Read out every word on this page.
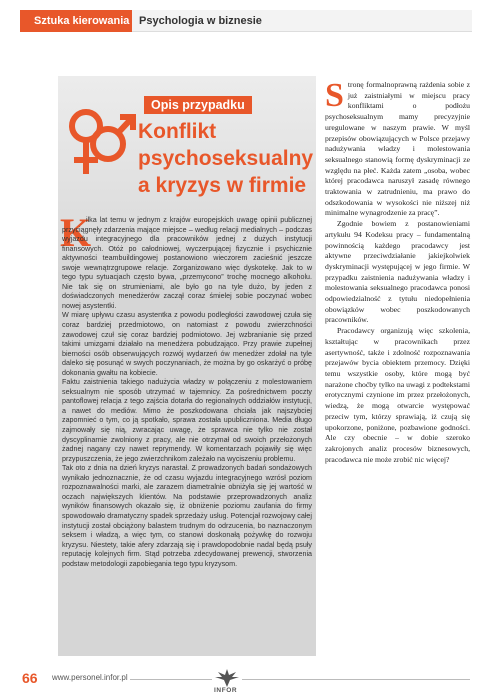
Sztuka kierowania Psychologia w biznesie
Opis przypadku
Konflikt
psychoseksualny
a kryzys w firmie
K

ilka lat temu w jednym z krajów europejskich uwagę opinii publicznej przyciągnęły zdarzenia mające miejsce – według relacji medialnych – podczas wyjazdu integracyjnego dla pracowników jednej z dużych instytucji finansowych. Otóż po całodniowej, wyczerpującej fizycznie i psychicznie aktywności teambuildingowej postanowiono wieczorem zacieśnić jeszcze swoje wewnątrzgrupowe relacje. Zorganizowano więc dyskotekę. Jak to w tego typu sytuacjach często bywa, „przemycono” trochę mocnego alkoholu. Nie tak się on strumieniami, ale było go na tyle dużo, by jeden z doświadczonych menedżerów zaczął coraz śmielej sobie poczynać wobec nowej asystentki.

W miarę upływu czasu asystentka z powodu podległości zawodowej czuła się coraz bardziej przedmiotowo, on natomiast z powodu zwierzchności zawodowej czuł się coraz bardziej podmiotowo. Jej wzbranianie się przed takimi umizgami działało na menedżera pobudzająco. Przy prawie zupełnej bierności osób obserwujących rozwój wydarzeń ów menedżer zdołał na tyle daleko się posunąć w swych poczynaniach, że można by go oskarżyć o próbę dokonania gwałtu na kobiecie.

Faktu zaistnienia takiego nadużycia władzy w połączeniu z molestowaniem seksualnym nie sposób utrzymać w tajemnicy. Za pośrednictwem poczty pantoflowej relacja z tego zajścia dotarła do regionalnych oddziałów instytucji, a nawet do mediów. Mimo że poszkodowana chciała jak najszybciej zapomnieć o tym, co ją spotkało, sprawa została upubliczniona. Media długo zajmowały się nią, zwracając uwagę, że sprawca nie tylko nie został dyscyplinarnie zwolniony z pracy, ale nie otrzymał od swoich przełożonych żadnej nagany czy nawet reprymendy. W komentarzach pojawiły się więc przypuszczenia, że jego zwierzchnikom zależało na wyciszeniu problemu.

Tak oto z dnia na dzień kryzys narastał. Z prowadzonych badań sondażowych wynikało jednoznacznie, że od czasu wyjazdu integracyjnego wzrósł poziom rozpoznawalności marki, ale zarazem diametralnie obniżyła się jej wartość w oczach największych klientów. Na podstawie przeprowadzonych analiz wyników finansowych okazało się, iż obniżenie poziomu zaufania do firmy spowodowało dramatyczny spadek sprzedaży usług. Potencjał rozwojowy całej instytucji został obciążony balastem trudnym do odrzucenia, bo naznaczonym seksem i władzą, a więc tym, co stanowi doskonałą pożywkę do rozwoju kryzysu. Niestety, takie afery zdarzają się i prawdopodobnie nadal będą psuły reputację kolejnych firm. Stąd potrzeba zdecydowanej prewencji, stworzenia podstaw metodologii zapobiegania tego typu kryzysom.

S tronę formalnoprawną rażdenia sobie z już zaistniałymi w miejscu pracy konfliktami o podłożu psychoseksualnym mamy precyzyjnie uregulowane w naszym prawie. W myśl przepisów obowiązujących w Polsce przejawy nadużywania władzy i molestowania seksualnego stanowią formę dyskryminacji ze względu na płeć. Każda zatem „osoba, wobec której pracodawca naruszył zasadę równego traktowania w zatrudnieniu, ma prawo do odszkodowania w wysokości nie niższej niż minimalne wynagrodzenie za pracę”.

Zgodnie bowiem z postanowieniami artykułu 94 Kodeksu pracy – fundamentalną powinnością każdego pracodawcy jest aktywne przeciwdziałanie jakiejkolwiek dyskryminacji występującej w jego firmie. W przypadku zaistnienia nadużywania władzy i molestowania seksualnego pracodawca ponosi odpowiedzialność z tytułu niedopełnienia obowiązków wobec poszkodowanych pracowników.

Pracodawcy organizują więc szkolenia, kształtując w pracownikach przez asertywność, także i zdolność rozpoznawania przejawów bycia obiektem przemocy. Dzięki temu wszystkie osoby, które mogą być narażone choćby tylko na uwagi z podtekstami erotycznymi czynione im przez przełożonych, wiedzą, że mogą otwarcie występować przeciw tym, którzy sprawiają, iż czują się upokorzone, poniżone, pozbawione godności. Ale czy obecnie – w dobie szeroko zakrojonych analiz procesów biznesowych, pracodawca nie może zrobić nic więcej?

66 www.personel.infor.pl
INFOR
